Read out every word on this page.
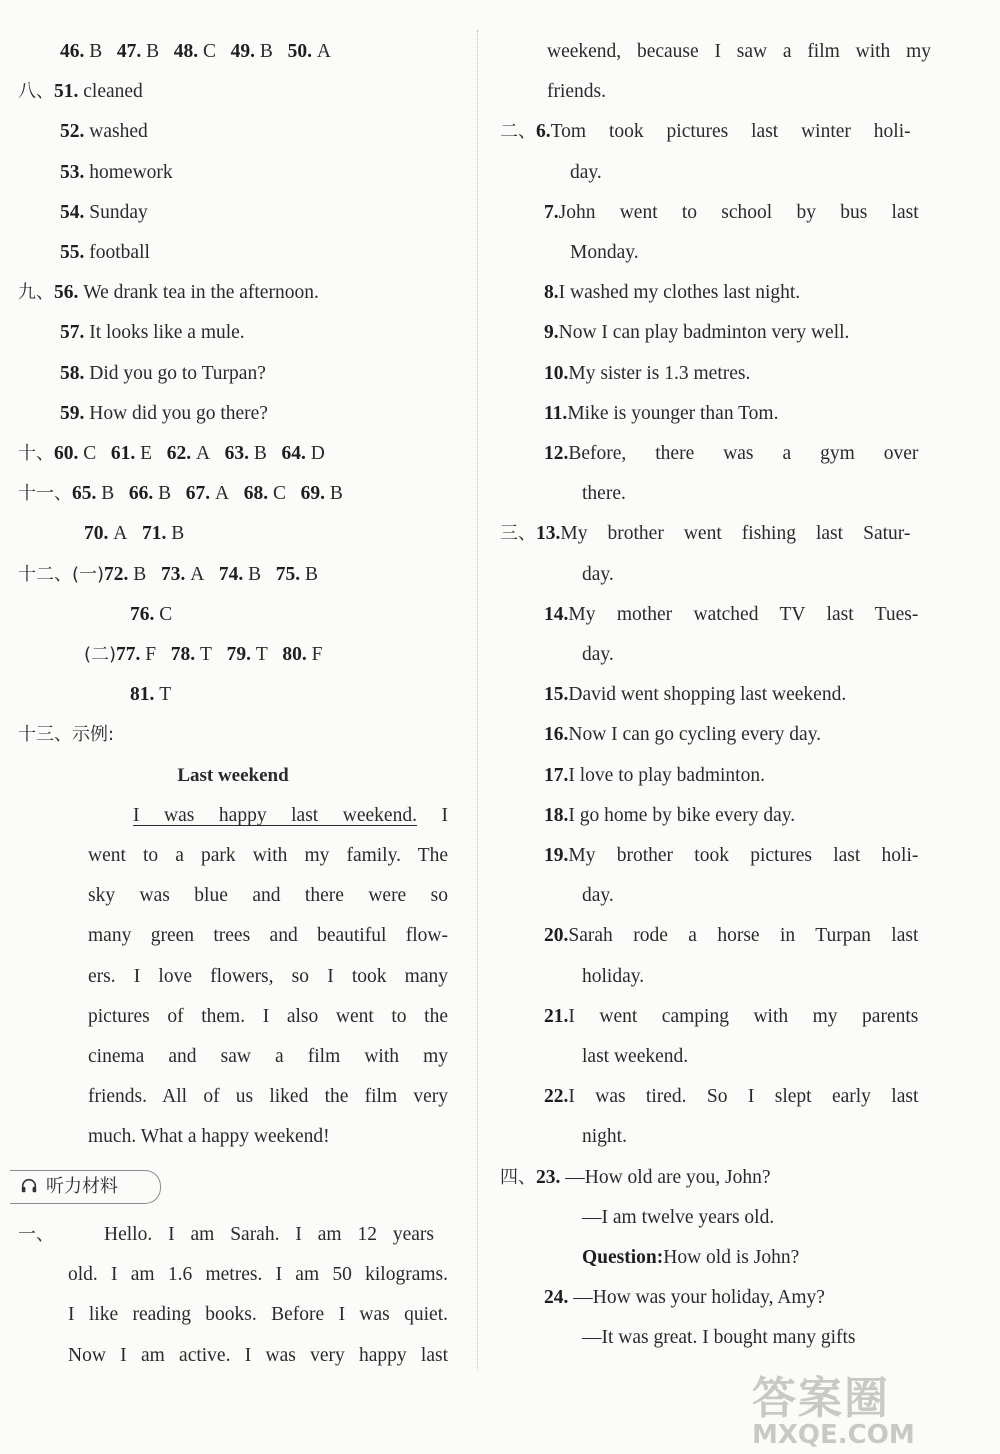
46. B 47. B 48. C 49. B 50. A
八、51. cleaned
52. washed
53. homework
54. Sunday
55. football
九、56. We drank tea in the afternoon.
57. It looks like a mule.
58. Did you go to Turpan?
59. How did you go there?
十、60. C 61. E 62. A 63. B 64. D
十一、65. B 66. B 67. A 68. C 69. B
70. A 71. B
十二、(一)72. B 73. A 74. B 75. B
76. C
(二)77. F 78. T 79. T 80. F
81. T
十三、示例:
Last weekend
I was happy last weekend. I
went to a park with my family. The
sky was blue and there were so
many green trees and beautiful flow-
ers. I love flowers, so I took many
pictures of them. I also went to the
cinema and saw a film with my
friends. All of us liked the film very
much. What a happy weekend!
一、	Hello. I am Sarah. I am 12 years
old. I am 1.6 metres. I am 50 kilograms.
I like reading books. Before I was quiet.
Now I am active. I was very happy last
weekend, because I saw a film with my
friends.
二、6.Tom took pictures last winter holi-
day.
7.John went to school by bus last
Monday.
8.I washed my clothes last night.
9.Now I can play badminton very well.
10.My sister is 1.3 metres.
11.Mike is younger than Tom.
12.Before, there was a gym over
there.
三、13.My brother went fishing last Satur-
day.
14.My mother watched TV last Tues-
day.
15.David went shopping last weekend.
16.Now I can go cycling every day.
17.I love to play badminton.
18.I go home by bike every day.
19.My brother took pictures last holi-
day.
20.Sarah rode a horse in Turpan last
holiday.
21.I went camping with my parents
last weekend.
22.I was tired. So I slept early last
night.
四、23. —How old are you, John?
—I am twelve years old.
Question:How old is John?
24. —How was your holiday, Amy?
—It was great. I bought many gifts
听力材料
答案圈
MXQE.COM
